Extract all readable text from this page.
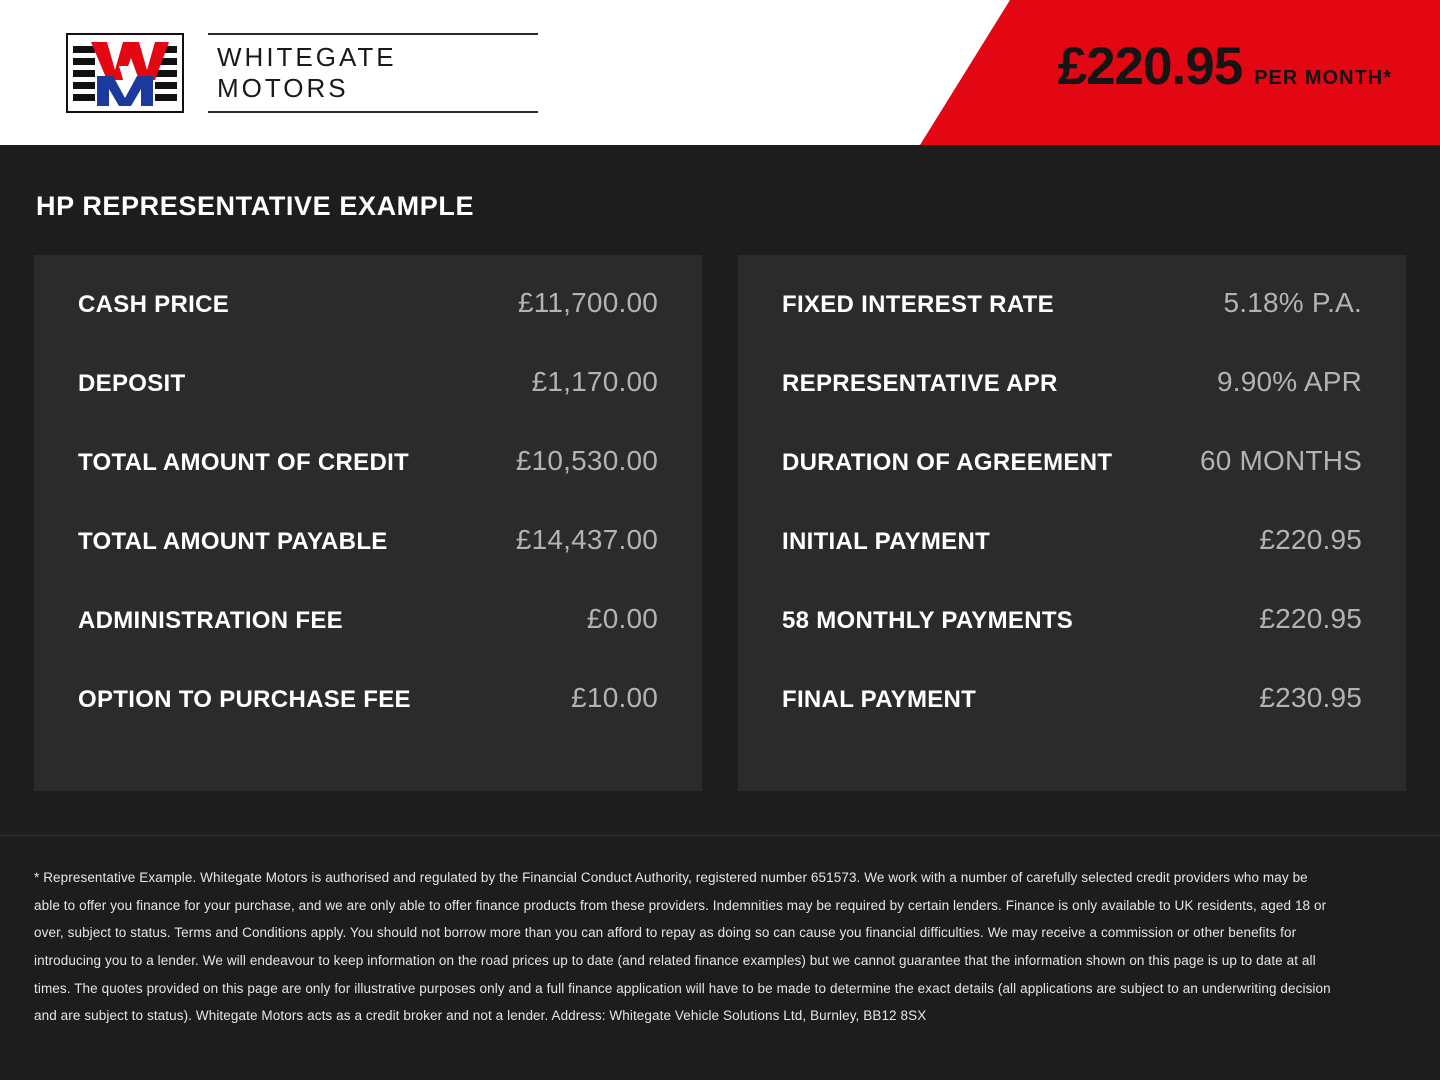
WHITEGATE MOTORS	£220.95 PER MONTH*
HP REPRESENTATIVE EXAMPLE
CASH PRICE	£11,700.00
DEPOSIT	£1,170.00
TOTAL AMOUNT OF CREDIT	£10,530.00
TOTAL AMOUNT PAYABLE	£14,437.00
ADMINISTRATION FEE	£0.00
OPTION TO PURCHASE FEE	£10.00
FIXED INTEREST RATE	5.18% P.A.
REPRESENTATIVE APR	9.90% APR
DURATION OF AGREEMENT	60 MONTHS
INITIAL PAYMENT	£220.95
58 MONTHLY PAYMENTS	£220.95
FINAL PAYMENT	£230.95

* Representative Example. Whitegate Motors is authorised and regulated by the Financial Conduct Authority, registered number 651573. We work with a number of carefully selected credit providers who may be able to offer you finance for your purchase, and we are only able to offer finance products from these providers. Indemnities may be required by certain lenders. Finance is only available to UK residents, aged 18 or over, subject to status. Terms and Conditions apply. You should not borrow more than you can afford to repay as doing so can cause you financial difficulties. We may receive a commission or other benefits for introducing you to a lender. We will endeavour to keep information on the road prices up to date (and related finance examples) but we cannot guarantee that the information shown on this page is up to date at all times. The quotes provided on this page are only for illustrative purposes only and a full finance application will have to be made to determine the exact details (all applications are subject to an underwriting decision and are subject to status). Whitegate Motors acts as a credit broker and not a lender. Address: Whitegate Vehicle Solutions Ltd, Burnley, BB12 8SX
